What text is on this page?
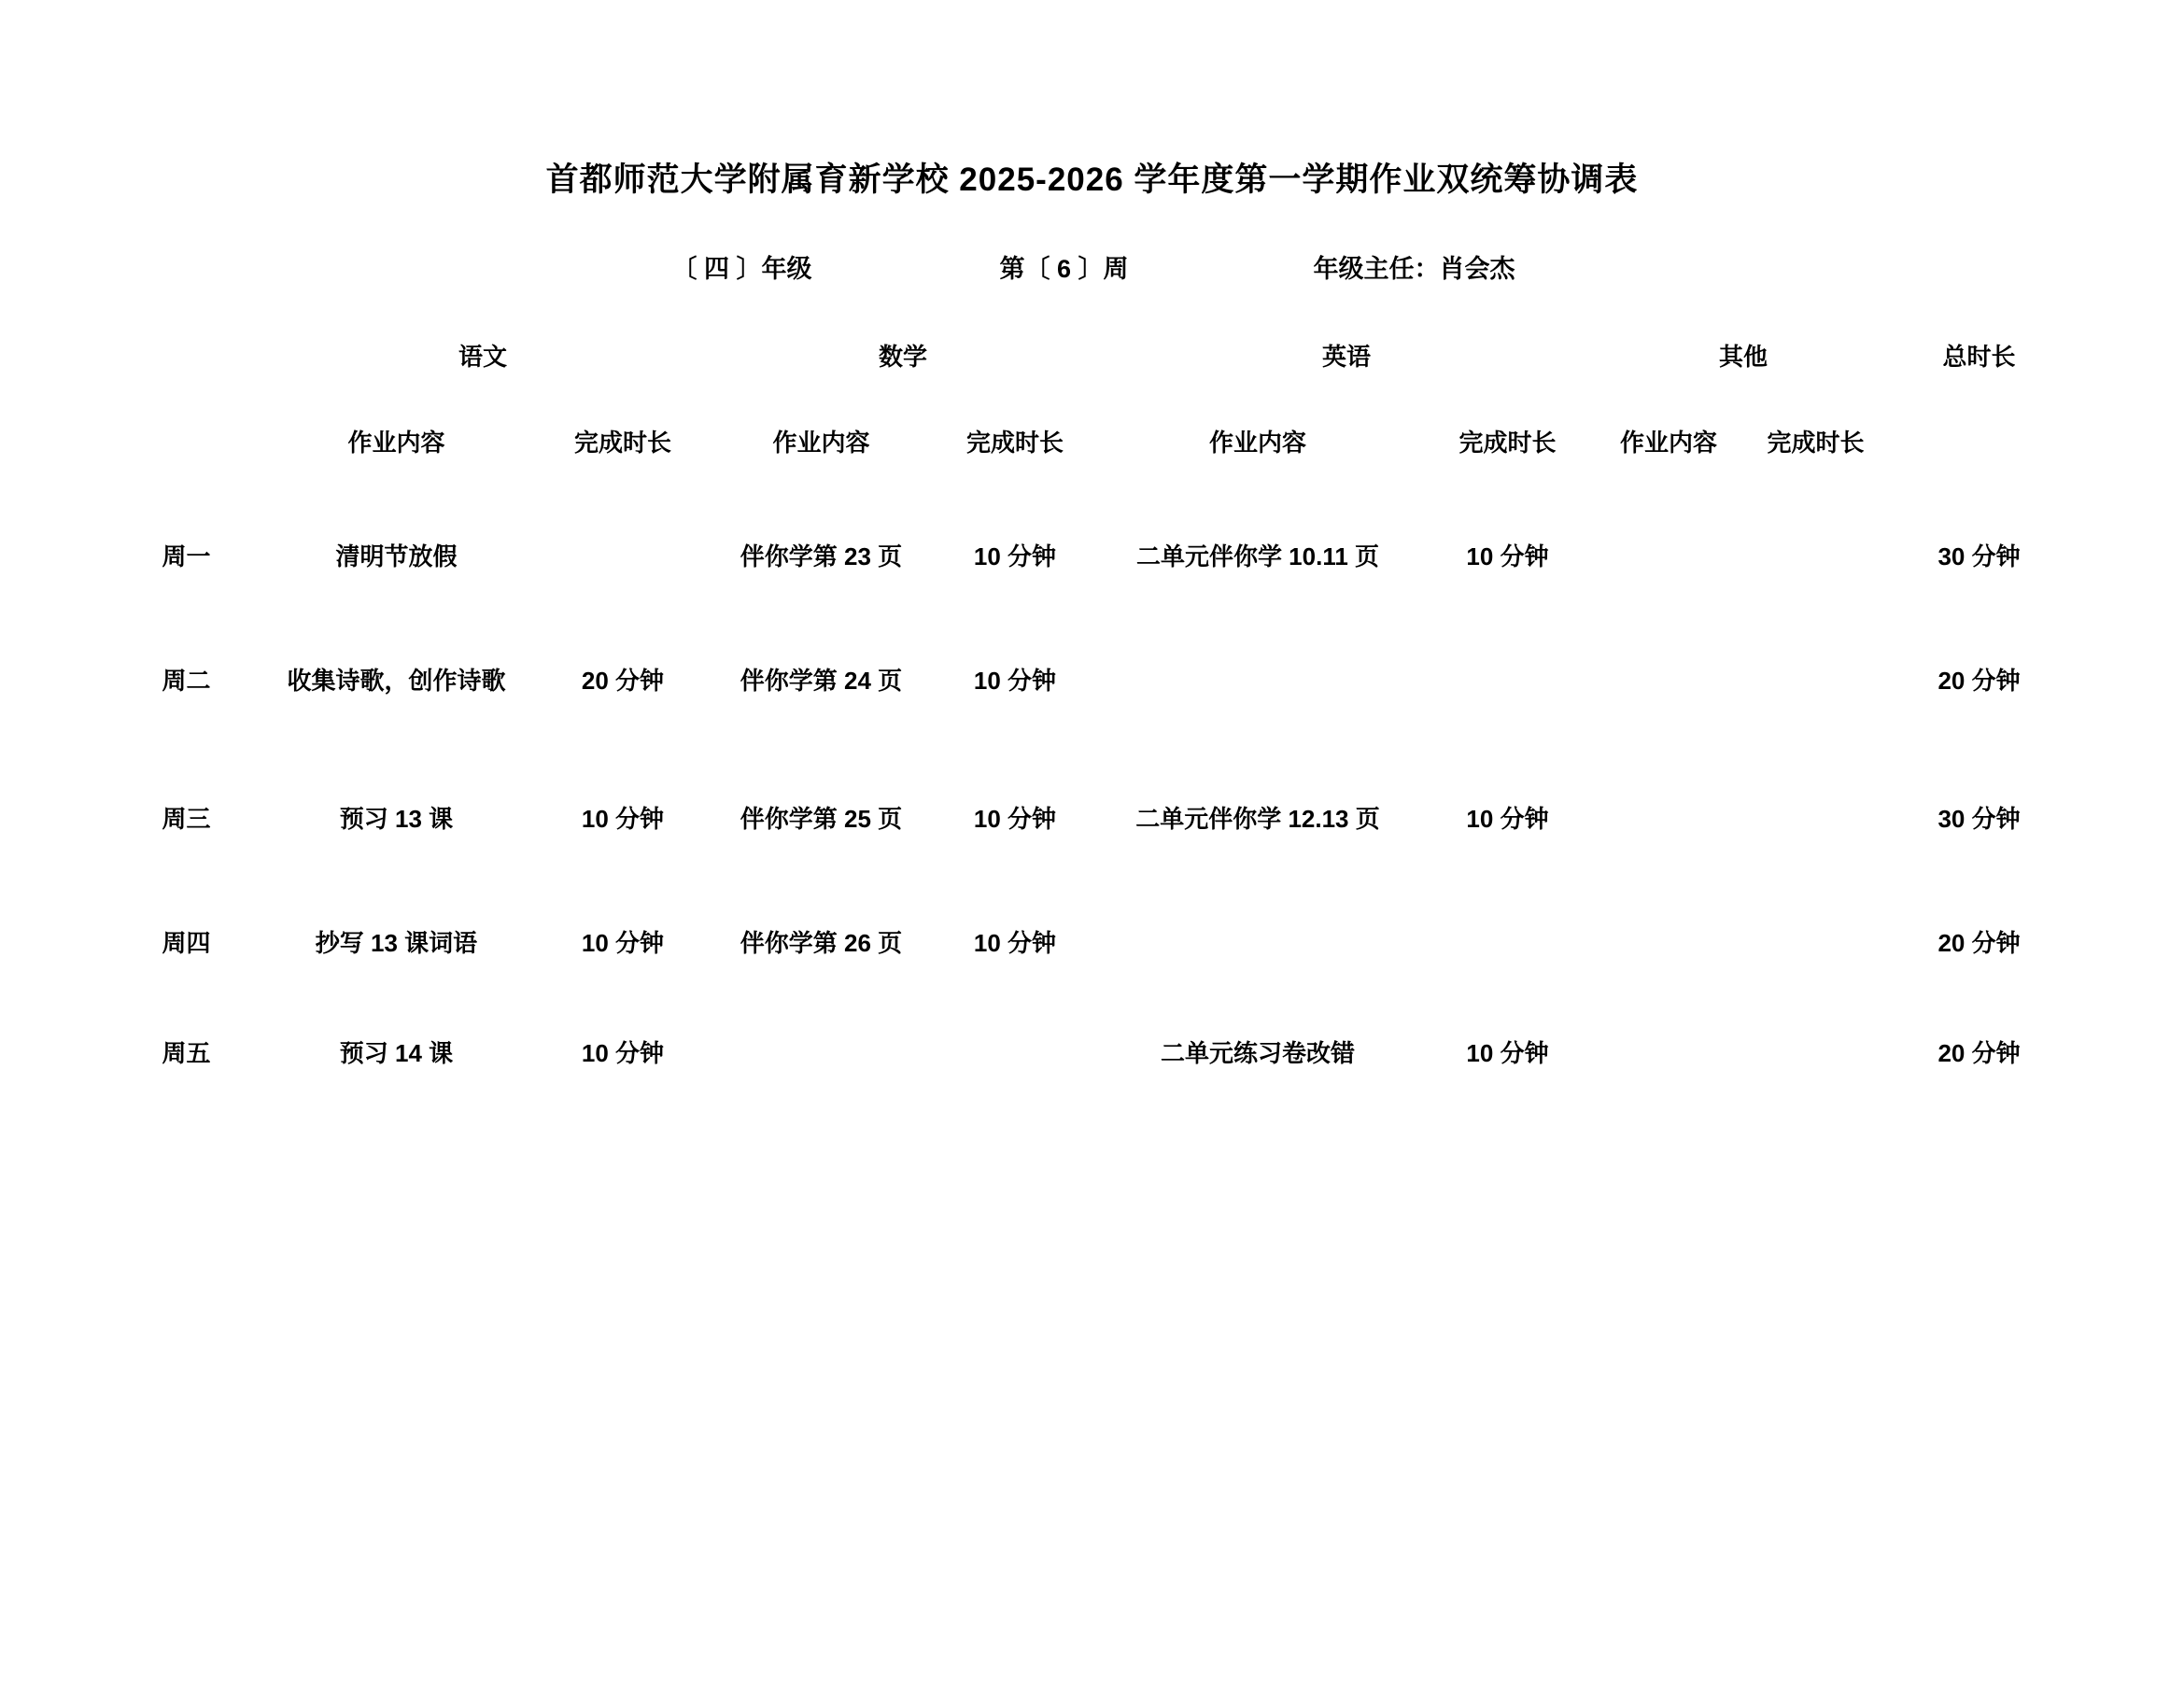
首都师范大学附属育新学校 2025-2026 学年度第一学期作业双统筹协调表
〔 四 〕年级	第〔 6 〕周	年级主任：肖会杰
	语文		数学		英语		其他		总时长
	作业内容	完成时长	作业内容	完成时长	作业内容	完成时长	作业内容	完成时长	

周一	清明节放假		伴你学第 23 页	10 分钟	二单元伴你学 10.11 页	10 分钟			30 分钟
周二	收集诗歌，创作诗歌	20 分钟	伴你学第 24 页	10 分钟					20 分钟
周三	预习 13 课	10 分钟	伴你学第 25 页	10 分钟	二单元伴你学 12.13 页	10 分钟			30 分钟
周四	抄写 13 课词语	10 分钟	伴你学第 26 页	10 分钟					20 分钟
周五	预习 14 课	10 分钟			二单元练习卷改错	10 分钟			20 分钟
